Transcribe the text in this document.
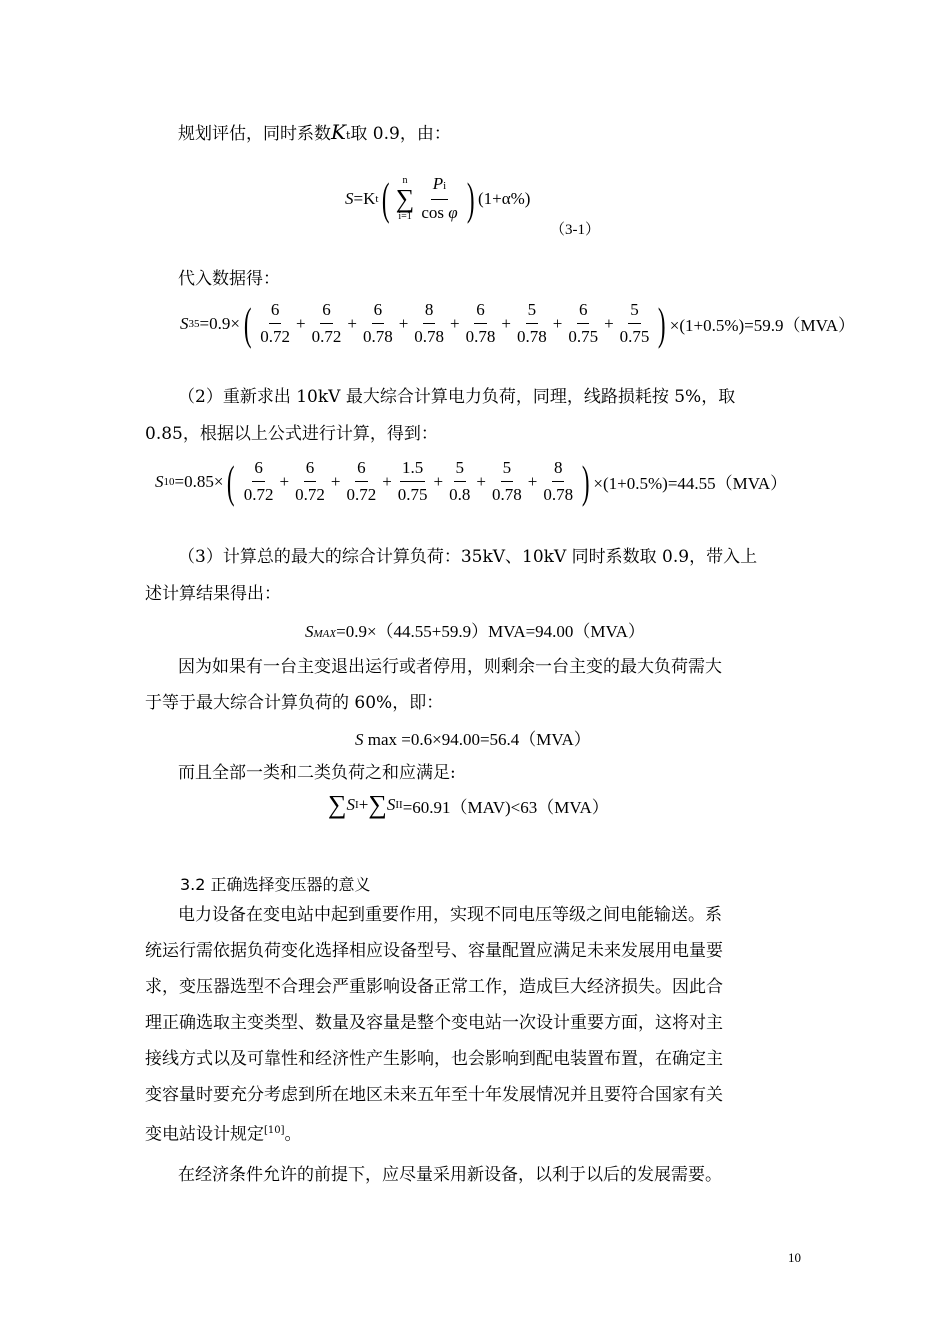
规划评估，同时系数Kt取 0.9，由：
S =K t ( n
∑
$i=1 \frac{Pi}{\text{cos φ}}$ ) (1+α%)
（3-1）
代入数据得：
S 35 =0.9× ( $\frac{6}{0.72} + \frac{6}{0.72} + \frac{6}{0.78} + \frac{8}{0.78} + \frac{6}{0.78} + \frac{5}{0.78} + \frac{6}{0.75} + \frac{5}{0.75}$ ) ×(1+0.5%)=59.9（MVA）
（2）重新求出 10kV 最大综合计算电力负荷，同理，线路损耗按 5%，取
0.85，根据以上公式进行计算，得到：
S 10 =0.85× ( $\frac{6}{0.72} + \frac{6}{0.72} + \frac{6}{0.72} + \frac{1.5}{0.75} + \frac{5}{0.8} + \frac{5}{0.78} + \frac{8}{0.78}$ ) ×(1+0.5%)=44.55（MVA）
（3）计算总的最大的综合计算负荷：35kV、10kV 同时系数取 0.9，带入上
述计算结果得出：
SMAX=0.9×（44.55+59.9）MVA=94.00（MVA）
因为如果有一台主变退出运行或者停用，则剩余一台主变的最大负荷需大
于等于最大综合计算负荷的 60%，即：
S max =0.6×94.00=56.4（MVA）
而且全部一类和二类负荷之和应满足:
∑ S I + ∑ S II =60.91（MAV)<63（MVA）
3.2 正确选择变压器的意义
电力设备在变电站中起到重要作用，实现不同电压等级之间电能输送。系
统运行需依据负荷变化选择相应设备型号、容量配置应满足未来发展用电量要
求，变压器选型不合理会严重影响设备正常工作，造成巨大经济损失。因此合
理正确选取主变类型、数量及容量是整个变电站一次设计重要方面，这将对主
接线方式以及可靠性和经济性产生影响，也会影响到配电装置布置，在确定主
变容量时要充分考虑到所在地区未来五年至十年发展情况并且要符合国家有关
变电站设计规定[10]。
在经济条件允许的前提下，应尽量采用新设备，以利于以后的发展需要。
10
